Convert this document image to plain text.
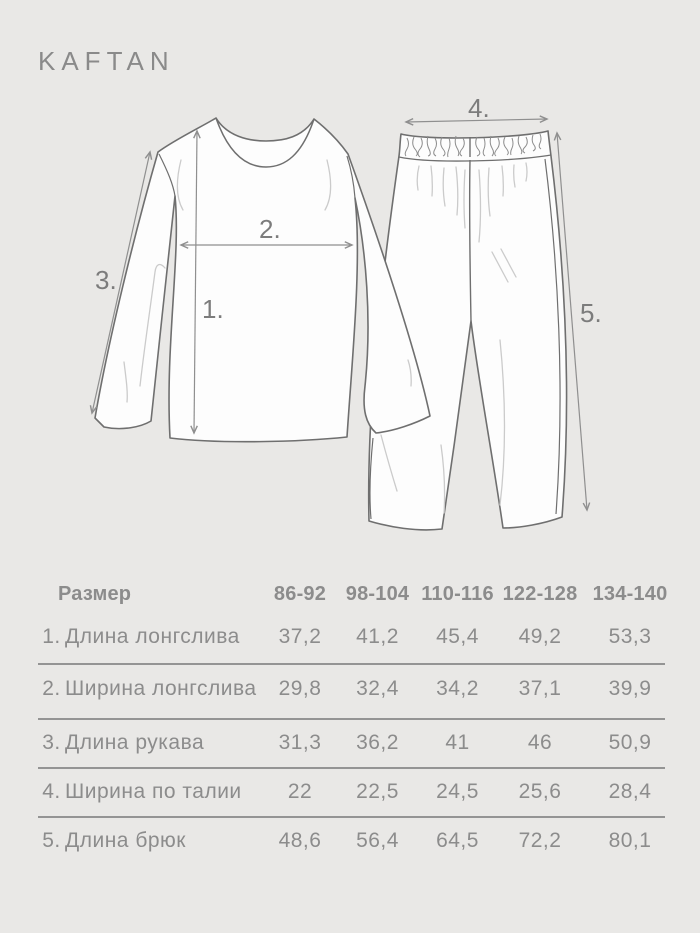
KAFTAN
1.
2.
3.
4.
5.
Размер	86-92 98-104 110-116 122-128 134-140
1. Длина лонгслива	37,2	41,2	45,4	49,2	53,3
2. Ширина лонгслива	29,8	32,4	34,2	37,1	39,9
3. Длина рукава	31,3	36,2	41	46	50,9
4. Ширина по талии	22	22,5	24,5	25,6	28,4
5. Длина брюк	48,6	56,4	64,5	72,2	80,1
